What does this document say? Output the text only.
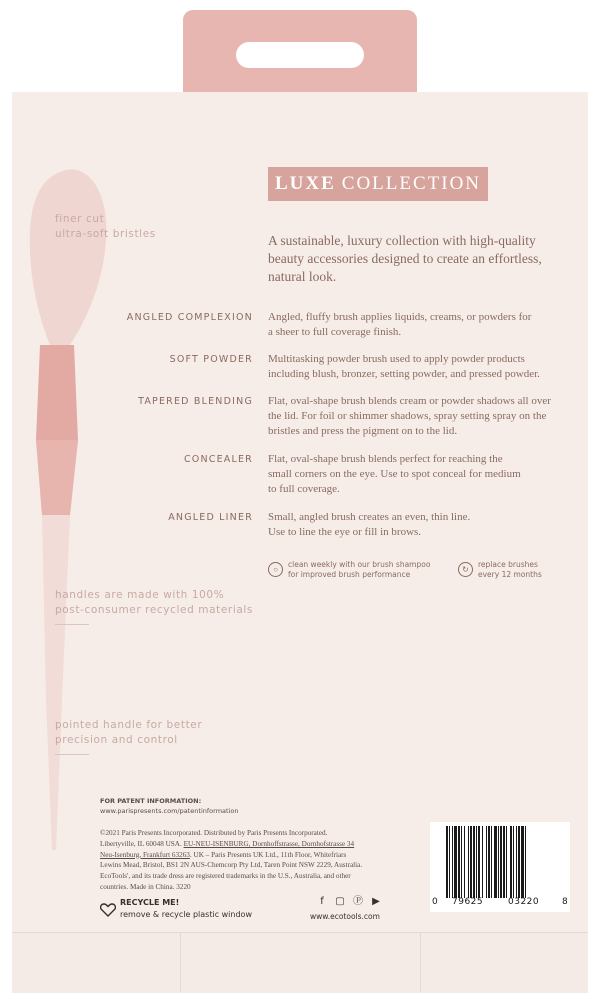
finer cut
ultra-soft bristles
handles are made with 100%
post-consumer recycled materials
pointed handle for better
precision and control
LUXE COLLECTION
A sustainable, luxury collection with high-quality
beauty accessories designed to create an effortless,
natural look.
ANGLED COMPLEXION Angled, fluffy brush applies liquids, creams, or powders for
a sheer to full coverage finish.
SOFT POWDER Multitasking powder brush used to apply powder products
including blush, bronzer, setting powder, and pressed powder.
TAPERED BLENDING Flat, oval-shape brush blends cream or powder shadows all over
the lid. For foil or shimmer shadows, spray setting spray on the
bristles and press the pigment on to the lid.
CONCEALER Flat, oval-shape brush blends perfect for reaching the
small corners on the eye. Use to spot conceal for medium
to full coverage.
ANGLED LINER Small, angled brush creates an even, thin line.
Use to line the eye or fill in brows.
○
clean weekly with our brush shampoo
for improved brush performance
↻
replace brushes
every 12 months
FOR PATENT INFORMATION:
www.parispresents.com/patentinformation
©2021 Paris Presents Incorporated. Distributed by Paris Presents Incorporated.
Libertyville, IL 60048 USA. EU-NEU-ISENBURG, Dornhoffstrasse, Dornhofstrasse 34
Neu-Isenburg, Frankfurt 63263. UK – Paris Presents UK Ltd., 11th Floor, Whitefriars
Lewins Mead, Bristol, BS1 2N AUS-Chemcorp Pty Ltd, Taren Point NSW 2229, Australia.
EcoTools', and its trade dress are registered trademarks in the U.S., Australia, and other
countries. Made in China. 3220
RECYCLE ME!
remove & recycle plastic window
f	▢ Ⓟ ▶
www.ecotools.com
0 79625	03220	8
